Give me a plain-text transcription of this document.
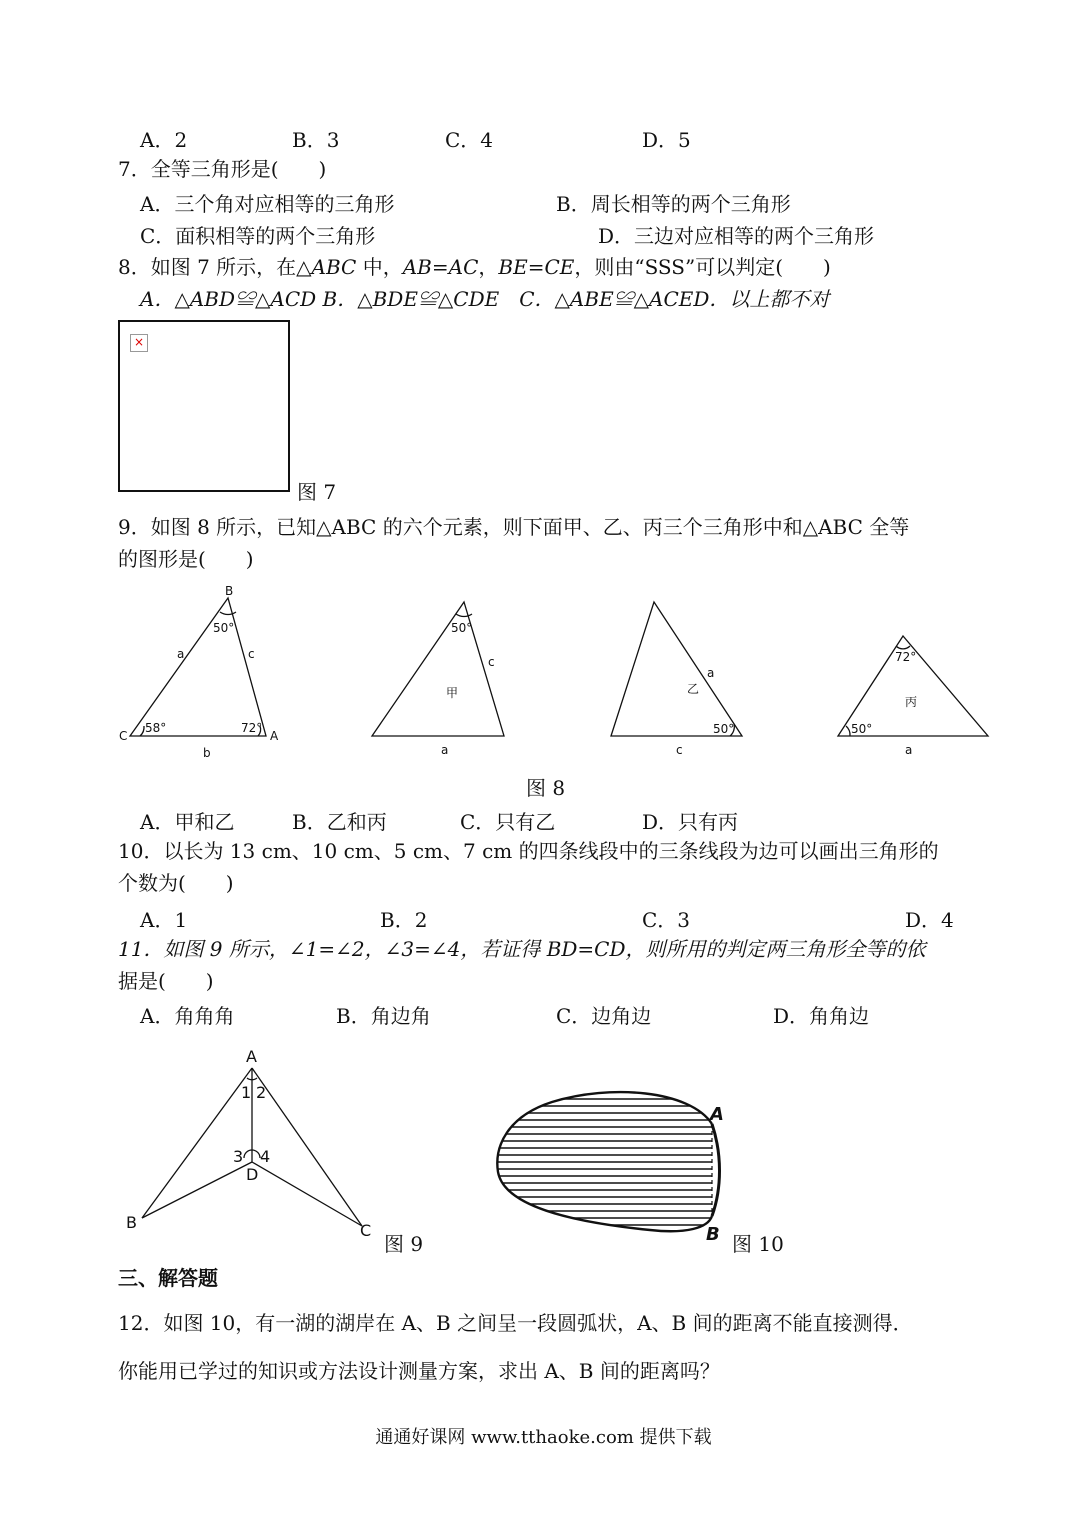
A．2	B．3	C．4	D．5
7．全等三角形是(　　)
A．三个角对应相等的三角形	B．周长相等的两个三角形
C．面积相等的两个三角形	D．三边对应相等的两个三角形
8．如图 7 所示，在△ABC 中，AB=AC，BE=CE，则由“SSS”可以判定(　　)
A．△ABD≌△ACD B．△BDE≌△CDE　C．△ABE≌△ACED．以上都不对
×
图 7
9．如图 8 所示，已知△ABC 的六个元素，则下面甲、乙、丙三个三角形中和△ABC 全等
的图形是(　　)
B
C	A
a	c
b
50°
58°	72°
50°
c
甲
a
a
乙
50°
c
72°
丙
50°
a
图 8
A．甲和乙	B．乙和丙	C．只有乙	D．只有丙
10．以长为 13 cm、10 cm、5 cm、7 cm 的四条线段中的三条线段为边可以画出三角形的
个数为(　　)
A．1	B．2	C．3	D．4
11．如图 9 所示，∠1=∠2，∠3=∠4，若证得 BD=CD，则所用的判定两三角形全等的依
据是(　　)
A．角角角	B．角边角	C．边角边	D．角角边
A
1 2
3 4
D
B	C
图 9
A
B 图 10
三、解答题
12．如图 10，有一湖的湖岸在 A、B 之间呈一段圆弧状，A、B 间的距离不能直接测得．
你能用已学过的知识或方法设计测量方案，求出 A、B 间的距离吗？
通通好课网 www.tthaoke.com 提供下载
